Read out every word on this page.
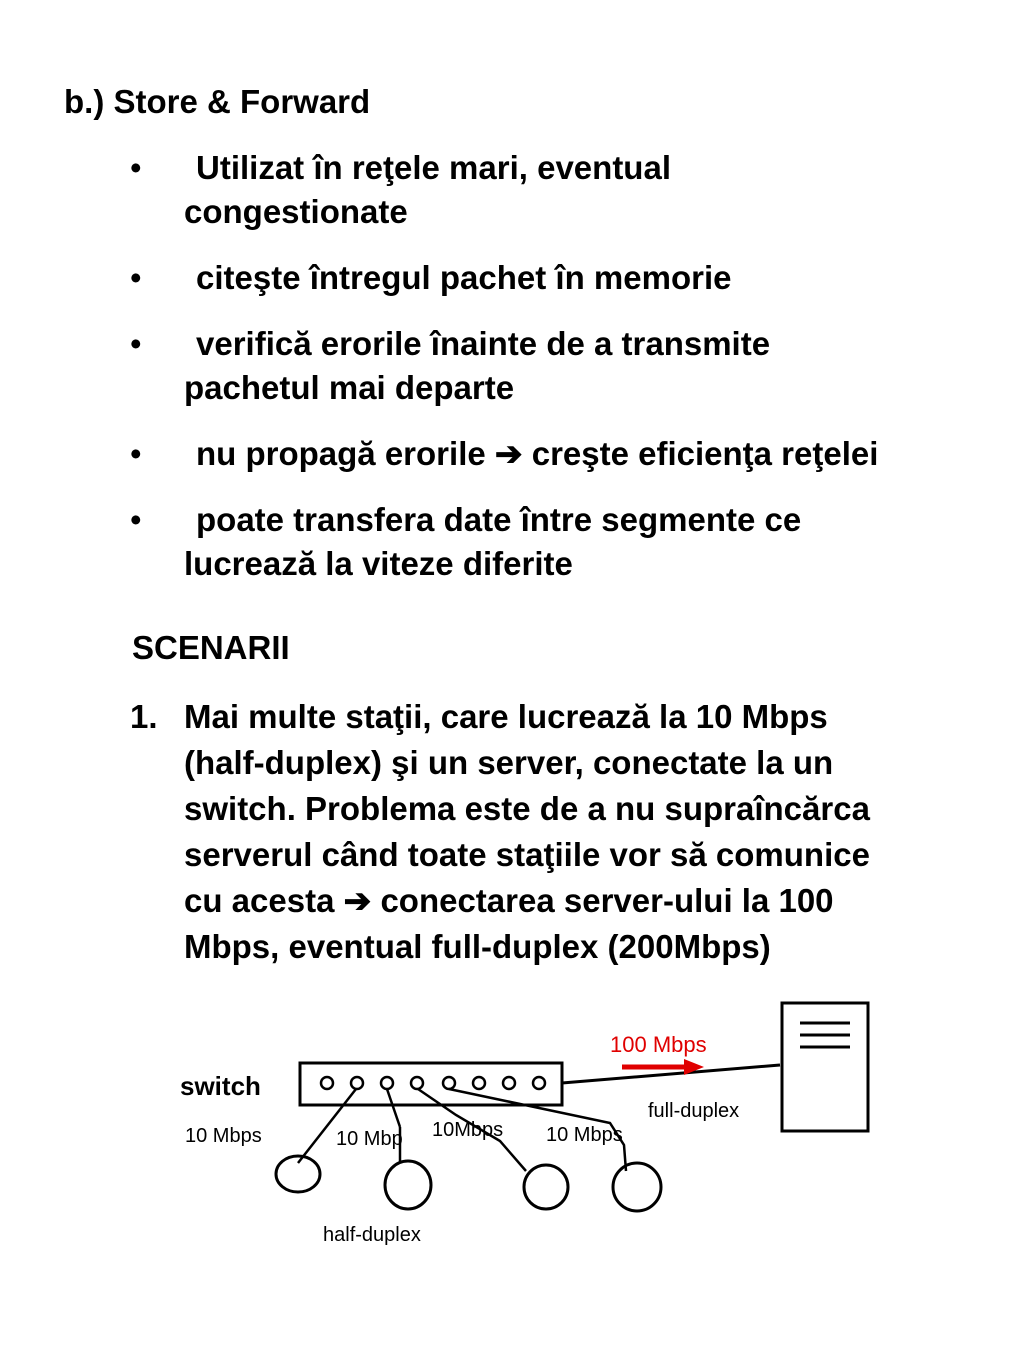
b.) Store & Forward
•	Utilizat în reţele mari, eventual
congestionate
•	citeşte întregul pachet în memorie
•	verifică erorile înainte de a transmite
pachetul mai departe
•	nu propagă erorile ➔ creşte eficienţa reţelei
•	poate transfera date între segmente ce
lucrează la viteze diferite
SCENARII
1. Mai multe staţii, care lucrează la 10 Mbps
(half-duplex) şi un server, conectate la un
switch. Problema este de a nu supraîncărca
serverul când toate staţiile vor să comunice
cu acesta ➔ conectarea server-ului la 100
Mbps, eventual full-duplex (200Mbps)
switch
100 Mbps
full-duplex
10 Mbps	10 Mbp 10Mbps 10 Mbps
half-duplex
